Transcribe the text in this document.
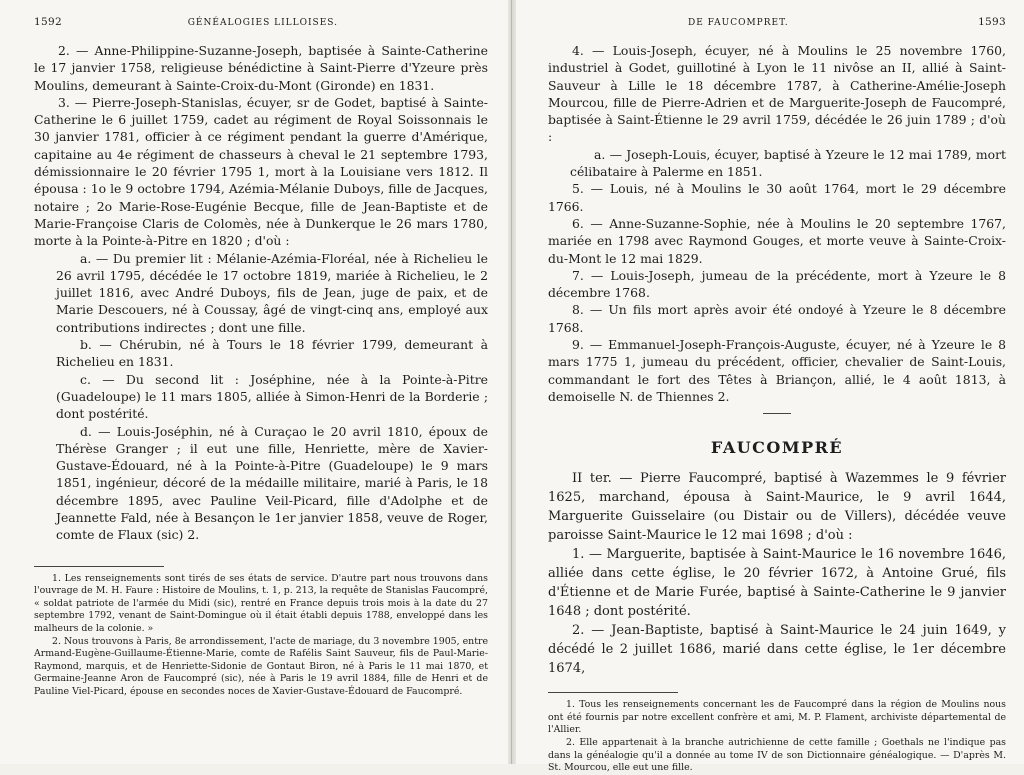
1592	GÉNÉALOGIES LILLOISES.

2. — Anne-Philippine-Suzanne-Joseph, baptisée à Sainte-Catherine le 17 janvier 1758, religieuse bénédictine à Saint-Pierre d'Yzeure près Moulins, demeurant à Sainte-Croix-du-Mont (Gironde) en 1831.

3. — Pierre-Joseph-Stanislas, écuyer, sr de Godet, baptisé à Sainte-Catherine le 6 juillet 1759, cadet au régiment de Royal Soissonnais le 30 janvier 1781, officier à ce régiment pendant la guerre d'Amérique, capitaine au 4e régiment de chasseurs à cheval le 21 septembre 1793, démissionnaire le 20 février 1795 1, mort à la Louisiane vers 1812. Il épousa : 1o le 9 octobre 1794, Azémia-Mélanie Duboys, fille de Jacques, notaire ; 2o Marie-Rose-Eugénie Becque, fille de Jean-Baptiste et de Marie-Françoise Claris de Colomès, née à Dunkerque le 26 mars 1780, morte à la Pointe-à-Pitre en 1820 ; d'où :

a. — Du premier lit : Mélanie-Azémia-Floréal, née à Richelieu le 26 avril 1795, décédée le 17 octobre 1819, mariée à Richelieu, le 2 juillet 1816, avec André Duboys, fils de Jean, juge de paix, et de Marie Descouers, né à Coussay, âgé de vingt-cinq ans, employé aux contributions indirectes ; dont une fille.

b. — Chérubin, né à Tours le 18 février 1799, demeurant à Richelieu en 1831.

c. — Du second lit : Joséphine, née à la Pointe-à-Pitre (Guadeloupe) le 11 mars 1805, alliée à Simon-Henri de la Borderie ; dont postérité.

d. — Louis-Joséphin, né à Curaçao le 20 avril 1810, époux de Thérèse Granger ; il eut une fille, Henriette, mère de Xavier-Gustave-Édouard, né à la Pointe-à-Pitre (Guadeloupe) le 9 mars 1851, ingénieur, décoré de la médaille militaire, marié à Paris, le 18 décembre 1895, avec Pauline Veil-Picard, fille d'Adolphe et de Jeannette Fald, née à Besançon le 1er janvier 1858, veuve de Roger, comte de Flaux (sic) 2.

1. Les renseignements sont tirés de ses états de service. D'autre part nous trouvons dans l'ouvrage de M. H. Faure : Histoire de Moulins, t. 1, p. 213, la requête de Stanislas Faucompré, « soldat patriote de l'armée du Midi (sic), rentré en France depuis trois mois à la date du 27 septembre 1792, venant de Saint-Domingue où il était établi depuis 1788, enveloppé dans les malheurs de la colonie. »

2. Nous trouvons à Paris, 8e arrondissement, l'acte de mariage, du 3 novembre 1905, entre Armand-Eugène-Guillaume-Étienne-Marie, comte de Rafélis Saint Sauveur, fils de Paul-Marie-Raymond, marquis, et de Henriette-Sidonie de Gontaut Biron, né à Paris le 11 mai 1870, et Germaine-Jeanne Aron de Faucompré (sic), née à Paris le 19 avril 1884, fille de Henri et de Pauline Viel-Picard, épouse en secondes noces de Xavier-Gustave-Édouard de Faucompré.

DE FAUCOMPRET.	1593

4. — Louis-Joseph, écuyer, né à Moulins le 25 novembre 1760, industriel à Godet, guillotiné à Lyon le 11 nivôse an II, allié à Saint-Sauveur à Lille le 18 décembre 1787, à Catherine-Amélie-Joseph Mourcou, fille de Pierre-Adrien et de Marguerite-Joseph de Faucompré, baptisée à Saint-Étienne le 29 avril 1759, décédée le 26 juin 1789 ; d'où :

a. — Joseph-Louis, écuyer, baptisé à Yzeure le 12 mai 1789, mort célibataire à Palerme en 1851.

5. — Louis, né à Moulins le 30 août 1764, mort le 29 décembre 1766.

6. — Anne-Suzanne-Sophie, née à Moulins le 20 septembre 1767, mariée en 1798 avec Raymond Gouges, et morte veuve à Sainte-Croix-du-Mont le 12 mai 1829.

7. — Louis-Joseph, jumeau de la précédente, mort à Yzeure le 8 décembre 1768.

8. — Un fils mort après avoir été ondoyé à Yzeure le 8 décembre 1768.

9. — Emmanuel-Joseph-François-Auguste, écuyer, né à Yzeure le 8 mars 1775 1, jumeau du précédent, officier, chevalier de Saint-Louis, commandant le fort des Têtes à Briançon, allié, le 4 août 1813, à demoiselle N. de Thiennes 2.

FAUCOMPRÉ

II ter. — Pierre Faucompré, baptisé à Wazemmes le 9 février 1625, marchand, épousa à Saint-Maurice, le 9 avril 1644, Marguerite Guisselaire (ou Distair ou de Villers), décédée veuve paroisse Saint-Maurice le 12 mai 1698 ; d'où :

1. — Marguerite, baptisée à Saint-Maurice le 16 novembre 1646, alliée dans cette église, le 20 février 1672, à Antoine Grué, fils d'Étienne et de Marie Furée, baptisé à Sainte-Catherine le 9 janvier 1648 ; dont postérité.

2. — Jean-Baptiste, baptisé à Saint-Maurice le 24 juin 1649, y décédé le 2 juillet 1686, marié dans cette église, le 1er décembre 1674,

1. Tous les renseignements concernant les de Faucompré dans la région de Moulins nous ont été fournis par notre excellent confrère et ami, M. P. Flament, archiviste départemental de l'Allier.

2. Elle appartenait à la branche autrichienne de cette famille ; Goethals ne l'indique pas dans la généalogie qu'il a donnée au tome IV de son Dictionnaire généalogique. — D'après M. St. Mourcou, elle eut une fille.
